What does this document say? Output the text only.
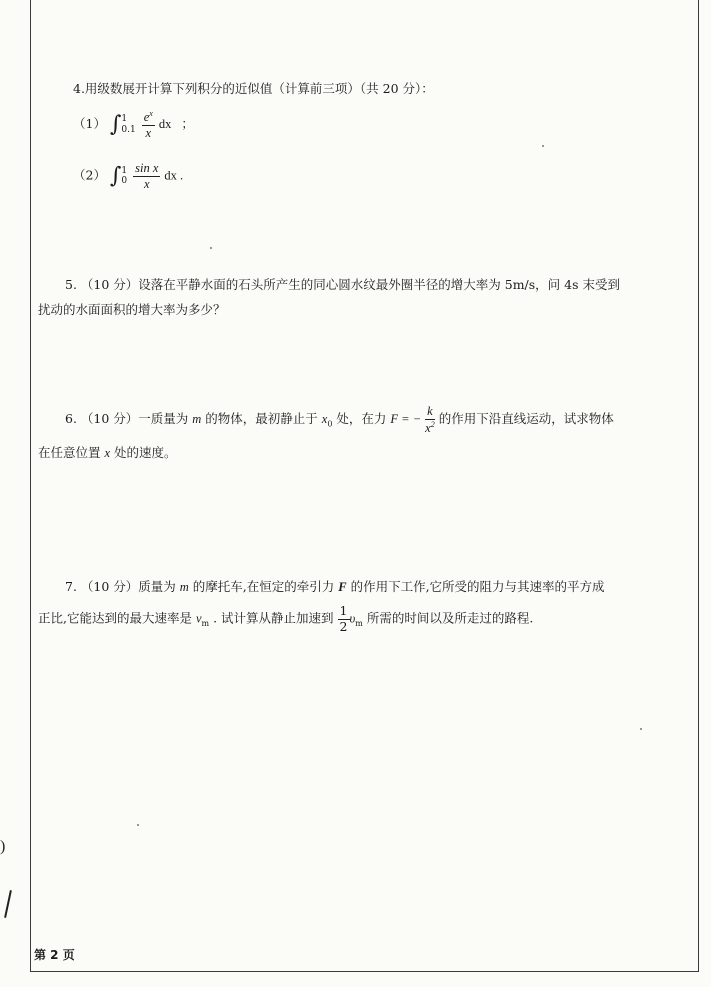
4.用级数展开计算下列积分的近似值（计算前三项）（共 20 分）：
（1） ∫1
$0.1 \frac{e^x}{x}$ dx ；
（2） ∫1
$0 \frac{\text{sin x}}{x}$ dx .
5. （10 分）设落在平静水面的石头所产生的同心圆水纹最外圈半径的增大率为 5m/s，问 4s 末受到
扰动的水面面积的增大率为多少？
6. （10 分）一质量为 m 的物体，最初静止于 $x_0$ 处，在力 F = − $\frac{k}{x^2}$ 的作用下沿直线运动，试求物体
在任意位置 x 处的速度。
7. （10 分）质量为 m 的摩托车,在恒定的牵引力 F 的作用下工作,它所受的阻力与其速率的平方成
正比,它能达到的最大速率是 $v_m$ . 试计算从静止加速到 $\frac{1}{2} \upsilon_m$ 所需的时间以及所走过的路程.
第 2 页
)
